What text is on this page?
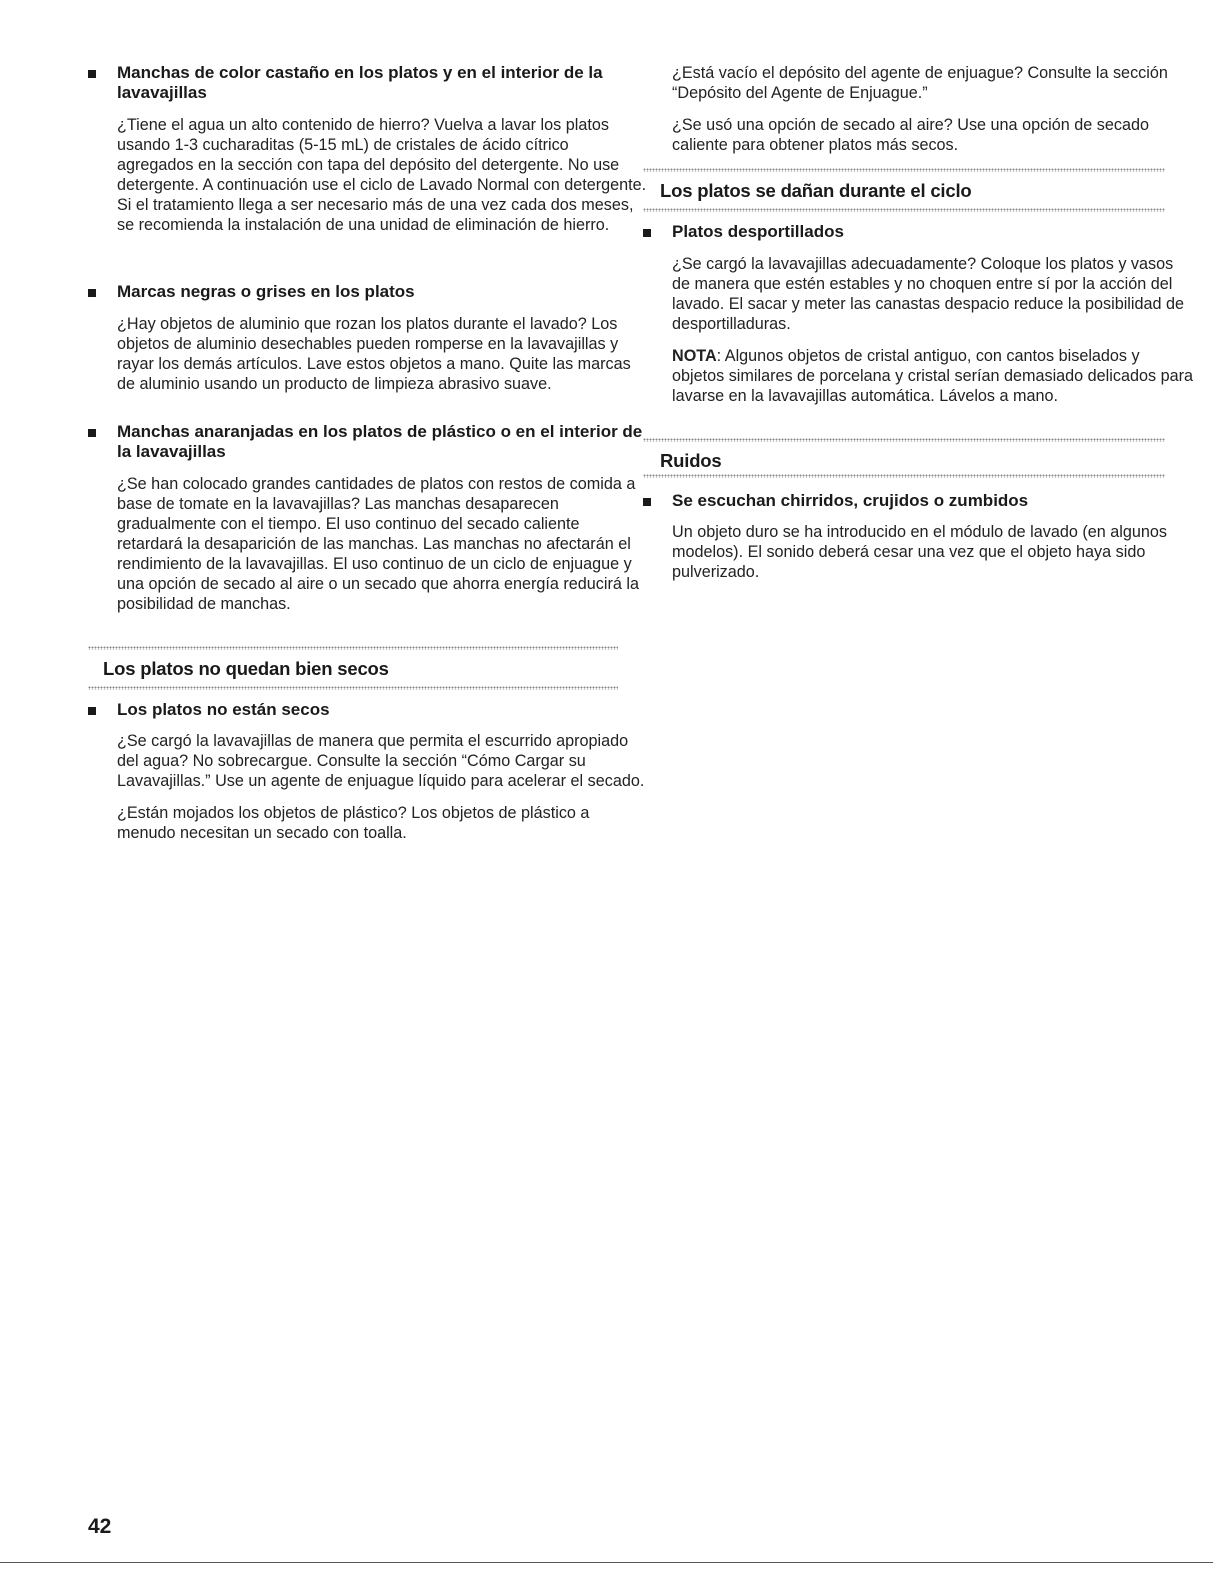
Manchas de color castaño en los platos y en el interior de la lavavajillas

¿Tiene el agua un alto contenido de hierro? Vuelva a lavar los platos usando 1-3 cucharaditas (5-15 mL) de cristales de ácido cítrico agregados en la sección con tapa del depósito del detergente. No use detergente. A continuación use el ciclo de Lavado Normal con detergente. Si el tratamiento llega a ser necesario más de una vez cada dos meses, se recomienda la instalación de una unidad de eliminación de hierro.

Marcas negras o grises en los platos

¿Hay objetos de aluminio que rozan los platos durante el lavado? Los objetos de aluminio desechables pueden romperse en la lavavajillas y rayar los demás artículos. Lave estos objetos a mano. Quite las marcas de aluminio usando un producto de limpieza abrasivo suave.

Manchas anaranjadas en los platos de plástico o en el interior de la lavavajillas

¿Se han colocado grandes cantidades de platos con restos de comida a base de tomate en la lavavajillas? Las manchas desaparecen gradualmente con el tiempo. El uso continuo del secado caliente retardará la desaparición de las manchas. Las manchas no afectarán el rendimiento de la lavavajillas. El uso continuo de un ciclo de enjuague y una opción de secado al aire o un secado que ahorra energía reducirá la posibilidad de manchas.

Los platos no quedan bien secos
Los platos no están secos

¿Se cargó la lavavajillas de manera que permita el escurrido apropiado del agua? No sobrecargue. Consulte la sección “Cómo Cargar su Lavavajillas.” Use un agente de enjuague líquido para acelerar el secado.

¿Están mojados los objetos de plástico? Los objetos de plástico a menudo necesitan un secado con toalla.

¿Está vacío el depósito del agente de enjuague? Consulte la sección “Depósito del Agente de Enjuague.”

¿Se usó una opción de secado al aire? Use una opción de secado caliente para obtener platos más secos.

Los platos se dañan durante el ciclo
Platos desportillados

¿Se cargó la lavavajillas adecuadamente? Coloque los platos y vasos de manera que estén estables y no choquen entre sí por la acción del lavado. El sacar y meter las canastas despacio reduce la posibilidad de desportilladuras.

NOTA: Algunos objetos de cristal antiguo, con cantos biselados y objetos similares de porcelana y cristal serían demasiado delicados para lavarse en la lavavajillas automática. Lávelos a mano.

Ruidos
Se escuchan chirridos, crujidos o zumbidos

Un objeto duro se ha introducido en el módulo de lavado (en algunos modelos). El sonido deberá cesar una vez que el objeto haya sido pulverizado.

42
